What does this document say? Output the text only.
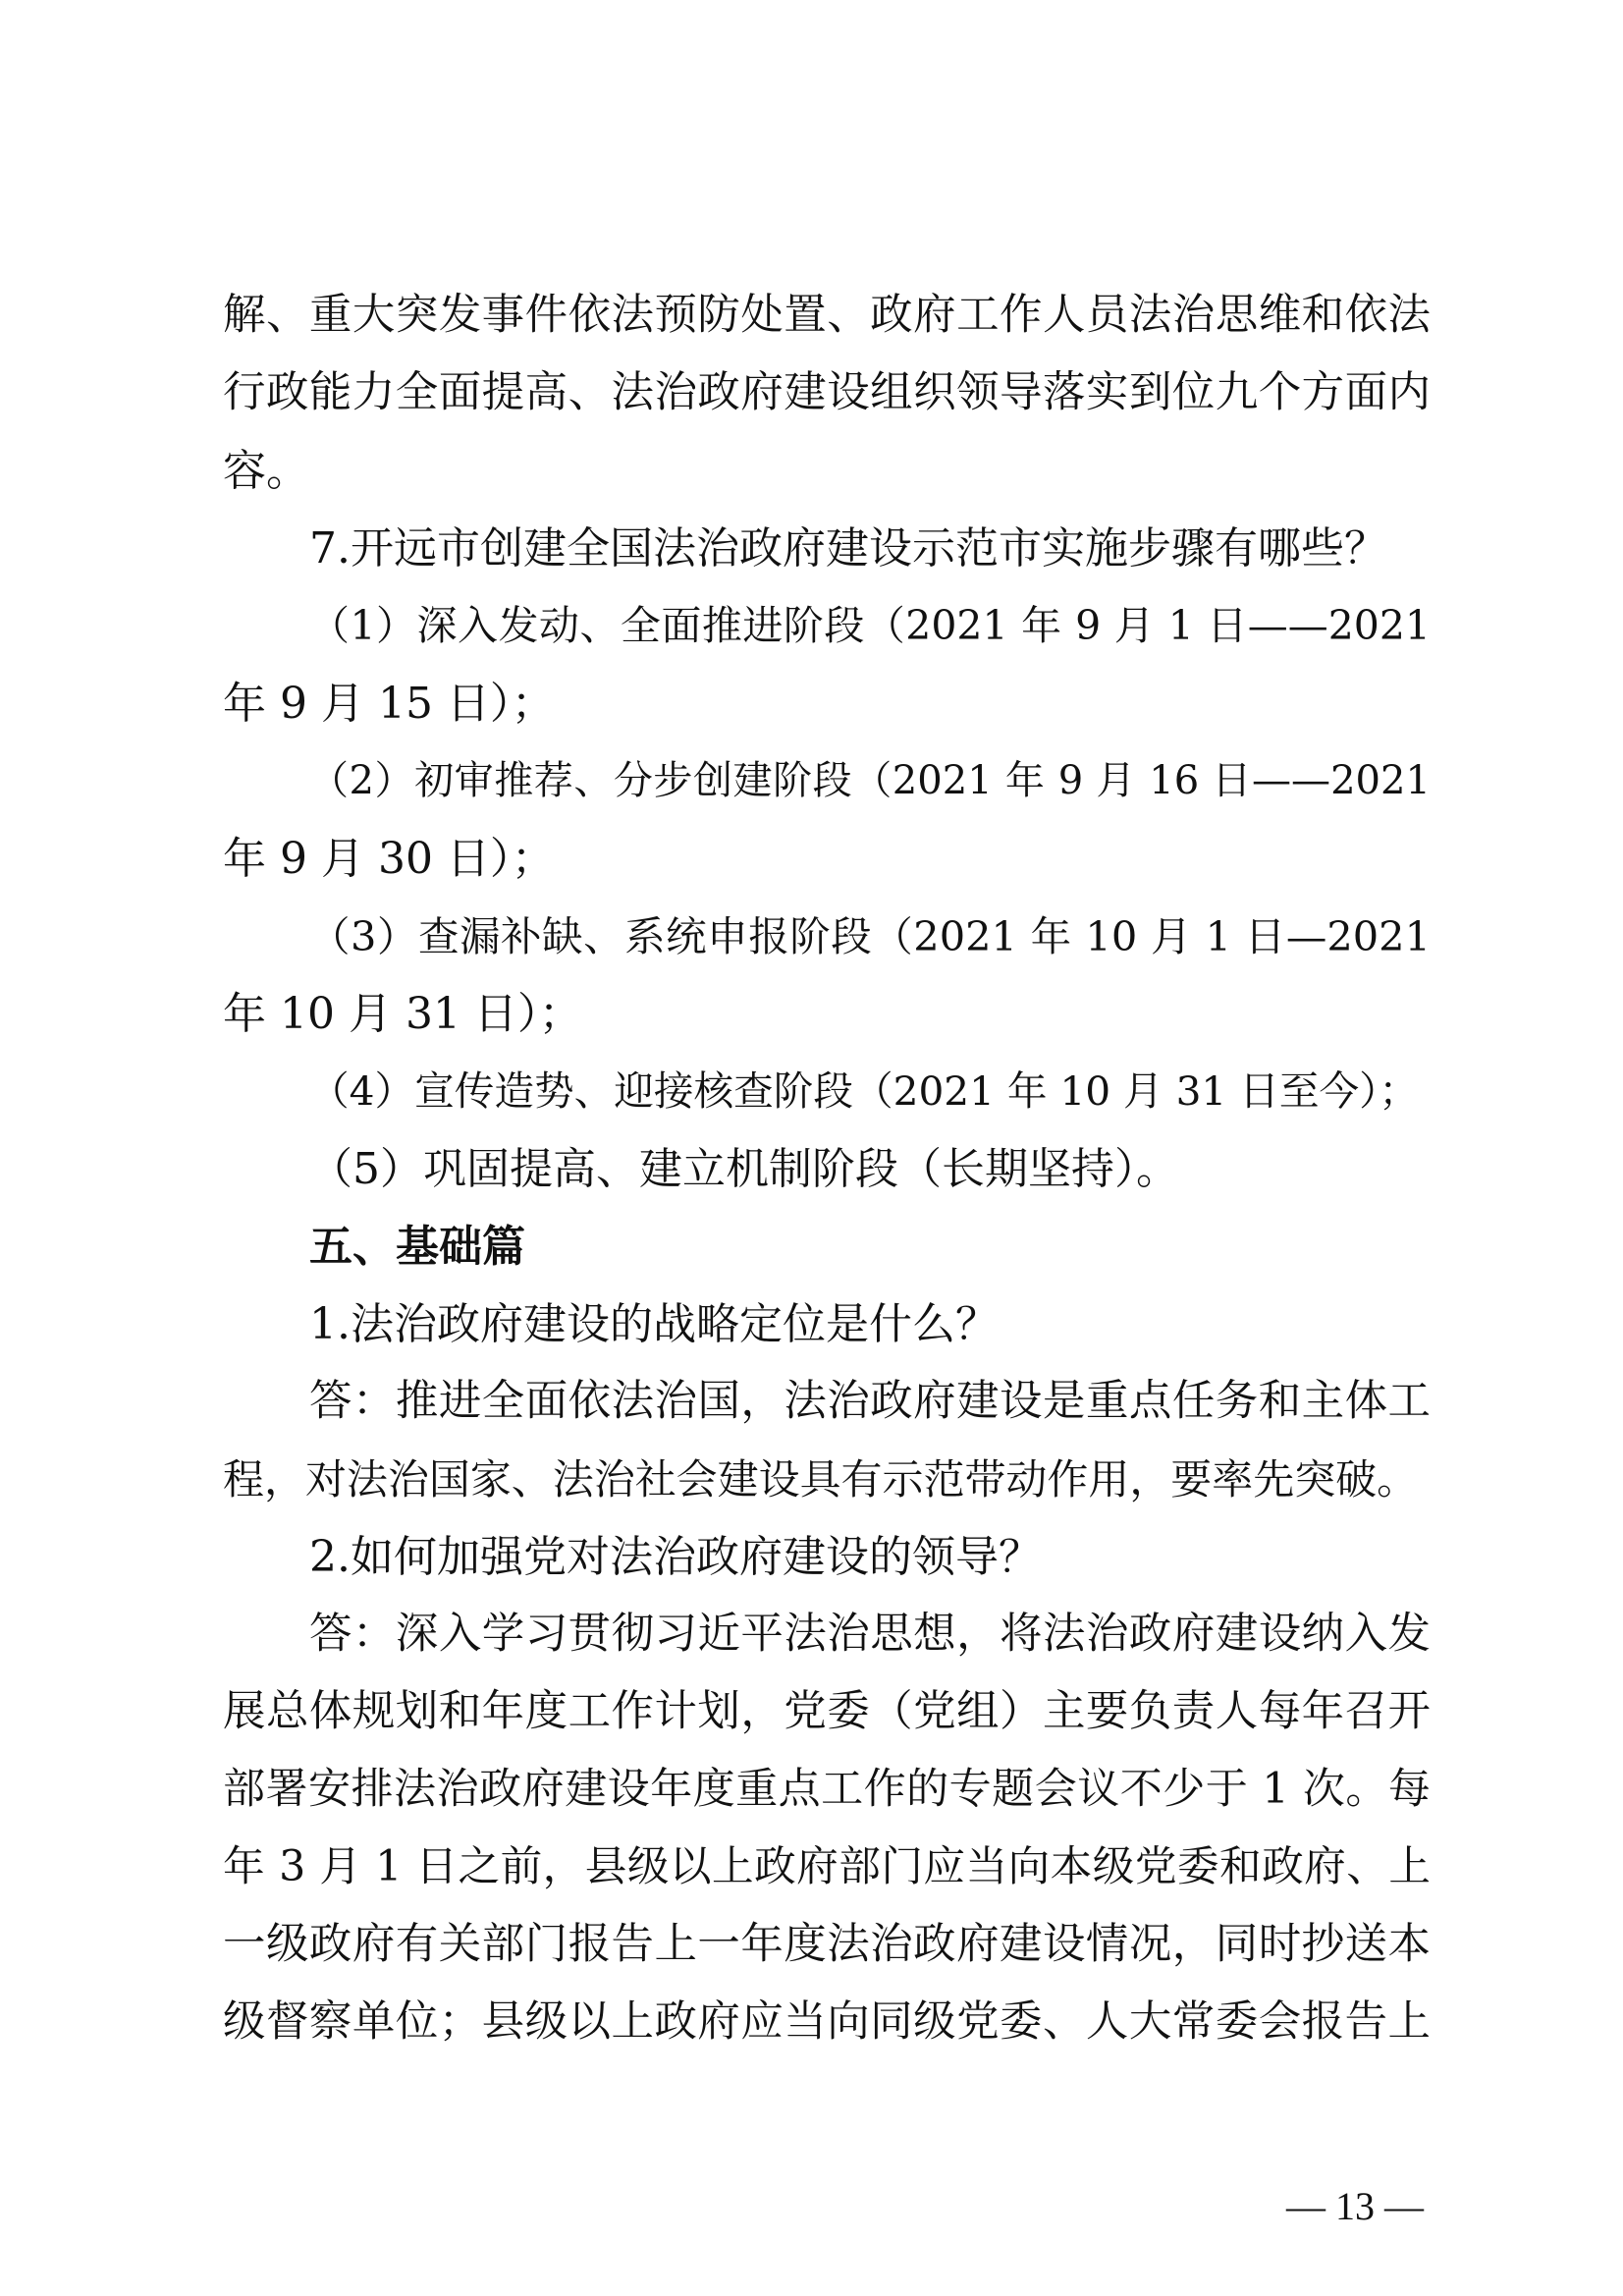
解、重大突发事件依法预防处置、政府工作人员法治思维和依法
行政能力全面提高、法治政府建设组织领导落实到位九个方面内
容。
7.开远市创建全国法治政府建设示范市实施步骤有哪些？
（1）深入发动、全面推进阶段（2021 年 9 月 1 日——2021
年 9 月 15 日）；
（2）初审推荐、分步创建阶段（2021 年 9 月 16 日——2021
年 9 月 30 日）；
（3）查漏补缺、系统申报阶段（2021 年 10 月 1 日—2021
年 10 月 31 日）；
（4）宣传造势、迎接核查阶段（2021 年 10 月 31 日至今）；
（5）巩固提高、建立机制阶段（长期坚持）。
五、基础篇
1.法治政府建设的战略定位是什么？
答：推进全面依法治国，法治政府建设是重点任务和主体工
程，对法治国家、法治社会建设具有示范带动作用，要率先突破。
2.如何加强党对法治政府建设的领导？
答：深入学习贯彻习近平法治思想，将法治政府建设纳入发
展总体规划和年度工作计划，党委（党组）主要负责人每年召开
部署安排法治政府建设年度重点工作的专题会议不少于 1 次。每
年 3 月 1 日之前，县级以上政府部门应当向本级党委和政府、上
一级政府有关部门报告上一年度法治政府建设情况，同时抄送本
级督察单位；县级以上政府应当向同级党委、人大常委会报告上
— 13 —
